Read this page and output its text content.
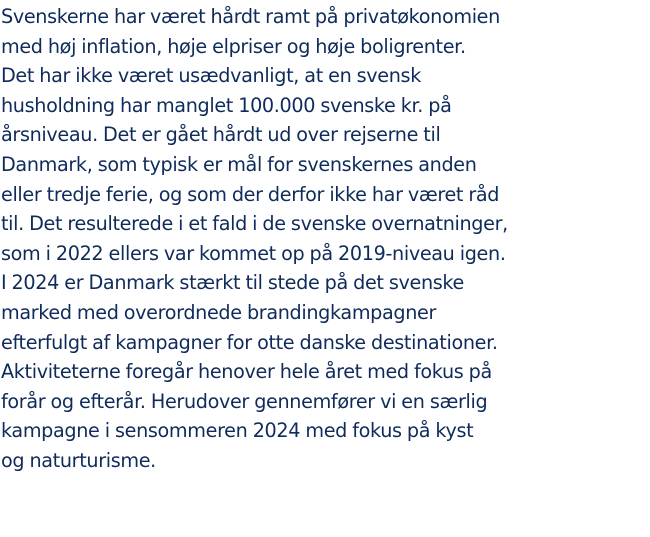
Svenskerne har været hårdt ramt på privatøkonomien
med høj inflation, høje elpriser og høje boligrenter.
Det har ikke været usædvanligt, at en svensk
husholdning har manglet 100.000 svenske kr. på
årsniveau. Det er gået hårdt ud over rejserne til
Danmark, som typisk er mål for svenskernes anden
eller tredje ferie, og som der derfor ikke har været råd
til. Det resulterede i et fald i de svenske overnatninger,
som i 2022 ellers var kommet op på 2019-niveau igen.
I 2024 er Danmark stærkt til stede på det svenske
marked med overordnede brandingkampagner
efterfulgt af kampagner for otte danske destinationer.
Aktiviteterne foregår henover hele året med fokus på
forår og efterår. Herudover gennemfører vi en særlig
kampagne i sensommeren 2024 med fokus på kyst
og naturturisme.
